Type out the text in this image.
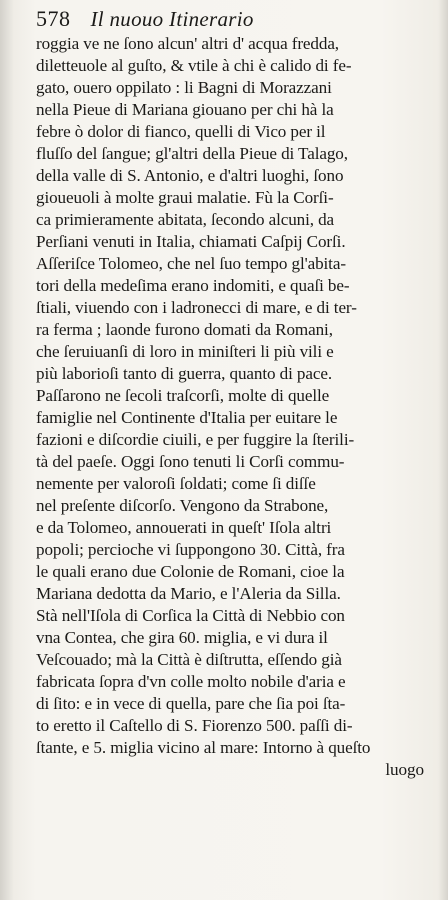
578 Il nuouo Itinerario
roggia ve ne ſono alcun' altri d' acqua fredda,
diletteuole al guſto, & vtile à chi è calido di fe-
gato, ouero oppilato : li Bagni di Morazzani
nella Pieue di Mariana giouano per chi hà la
febre ò dolor di fianco, quelli di Vico per il
fluſſo del ſangue; gl'altri della Pieue di Talago,
della valle di S. Antonio, e d'altri luoghi, ſono
gioueuoli à molte graui malatie. Fù la Corſi-
ca primieramente abitata, ſecondo alcuni, da
Perſiani venuti in Italia, chiamati Caſpij Corſi.
Aſſeriſce Tolomeo, che nel ſuo tempo gl'abita-
tori della medeſima erano indomiti, e quaſi be-
ſtiali, viuendo con i ladronecci di mare, e di ter-
ra ferma ; laonde furono domati da Romani,
che ſeruiuanſi di loro in miniſteri li più vili e
più laborioſi tanto di guerra, quanto di pace.
Paſſarono ne ſecoli traſcorſi, molte di quelle
famiglie nel Continente d'Italia per euitare le
fazioni e diſcordie ciuili, e per fuggire la ſterili-
tà del paeſe. Oggi ſono tenuti li Corſi commu-
nemente per valoroſi ſoldati; come ſi diſſe
nel preſente diſcorſo. Vengono da Strabone,
e da Tolomeo, annouerati in queſt' Iſola altri
popoli; percioche vi ſuppongono 30. Città, fra
le quali erano due Colonie de Romani, cioe la
Mariana dedotta da Mario, e l'Aleria da Silla.
Stà nell'Iſola di Corſica la Città di Nebbio con
vna Contea, che gira 60. miglia, e vi dura il
Veſcouado; mà la Città è diſtrutta, eſſendo già
fabricata ſopra d'vn colle molto nobile d'aria e
di ſito: e in vece di quella, pare che ſia poi ſta-
to eretto il Caſtello di S. Fiorenzo 500. paſſi di-
ſtante, e 5. miglia vicino al mare: Intorno à queſto
luogo
